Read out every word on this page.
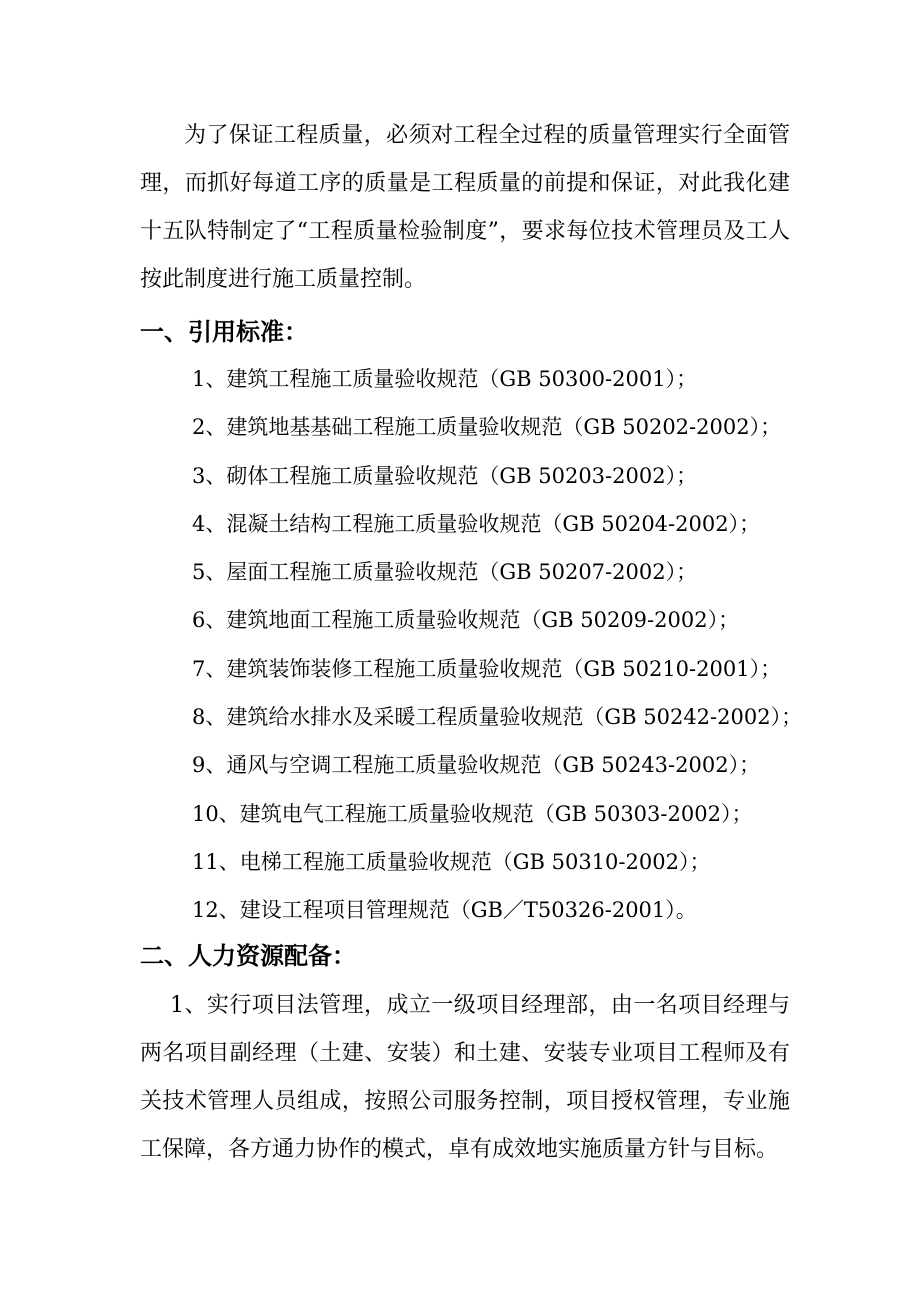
为了保证工程质量，必须对工程全过程的质量管理实行全面管理，而抓好每道工序的质量是工程质量的前提和保证，对此我化建十五队特制定了“工程质量检验制度”，要求每位技术管理员及工人按此制度进行施工质量控制。

一、引用标准：
1、建筑工程施工质量验收规范（GB 50300-2001）；
2、建筑地基基础工程施工质量验收规范（GB 50202-2002）；
3、砌体工程施工质量验收规范（GB 50203-2002）；
4、混凝土结构工程施工质量验收规范（GB 50204-2002）；
5、屋面工程施工质量验收规范（GB 50207-2002）；
6、建筑地面工程施工质量验收规范（GB 50209-2002）；
7、建筑装饰装修工程施工质量验收规范（GB 50210-2001）；
8、建筑给水排水及采暖工程质量验收规范（GB 50242-2002）；
9、通风与空调工程施工质量验收规范（GB 50243-2002）；
10、建筑电气工程施工质量验收规范（GB 50303-2002）；
11、电梯工程施工质量验收规范（GB 50310-2002）；
12、建设工程项目管理规范（GB／T50326-2001）。
二、人力资源配备：

1、实行项目法管理，成立一级项目经理部，由一名项目经理与两名项目副经理（土建、安装）和土建、安装专业项目工程师及有关技术管理人员组成，按照公司服务控制，项目授权管理，专业施工保障，各方通力协作的模式，卓有成效地实施质量方针与目标。
